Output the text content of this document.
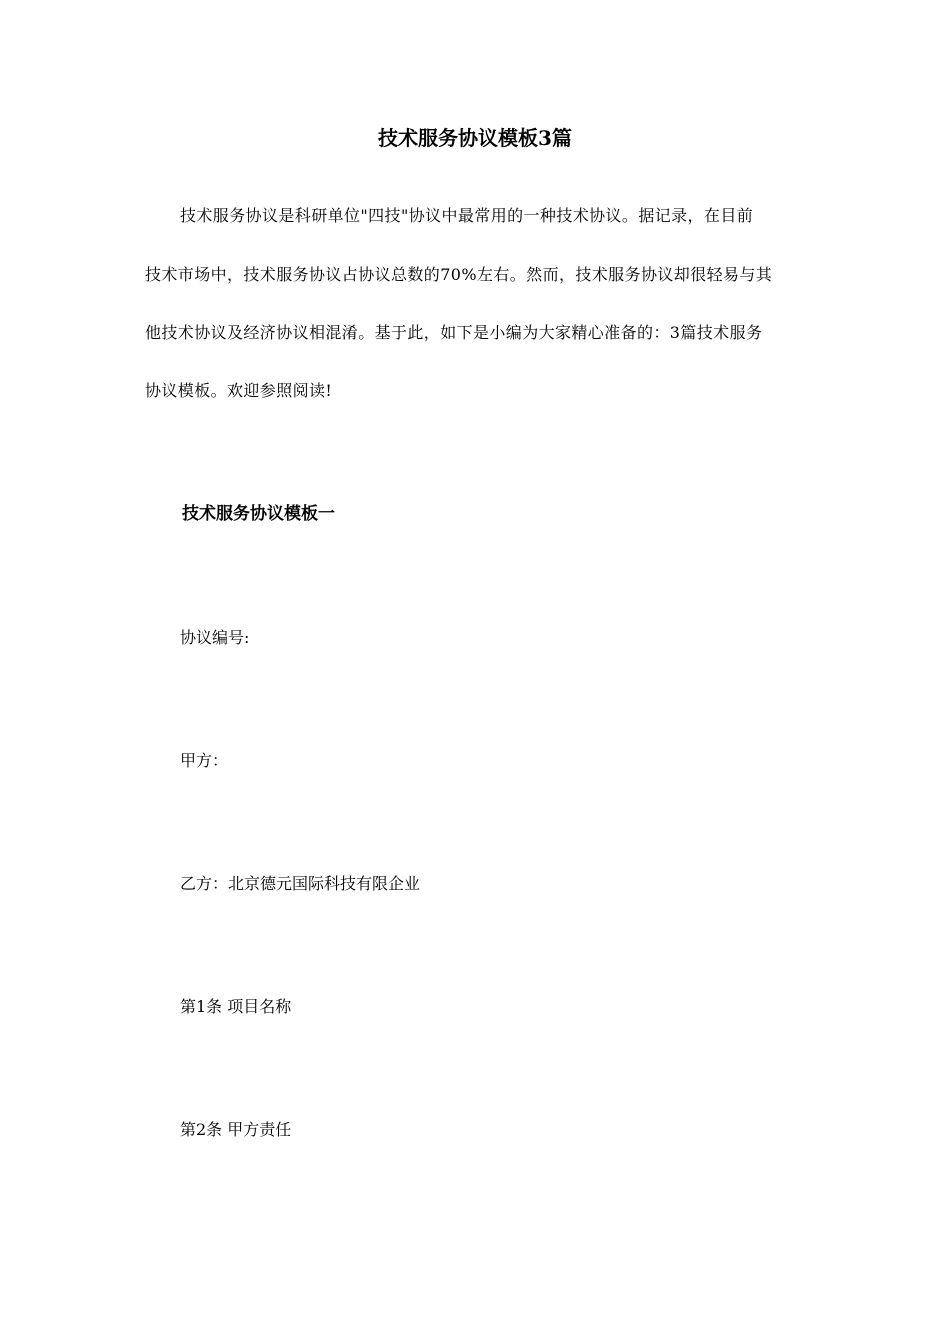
技术服务协议模板3篇
技术服务协议是科研单位"四技"协议中最常用的一种技术协议。据记录，在目前
技术市场中，技术服务协议占协议总数的70%左右。然而，技术服务协议却很轻易与其
他技术协议及经济协议相混淆。基于此，如下是小编为大家精心准备的：3篇技术服务
协议模板。欢迎参照阅读!
技术服务协议模板一
协议编号:
甲方：
乙方：北京德元国际科技有限企业
第1条 项目名称
第2条 甲方责任
